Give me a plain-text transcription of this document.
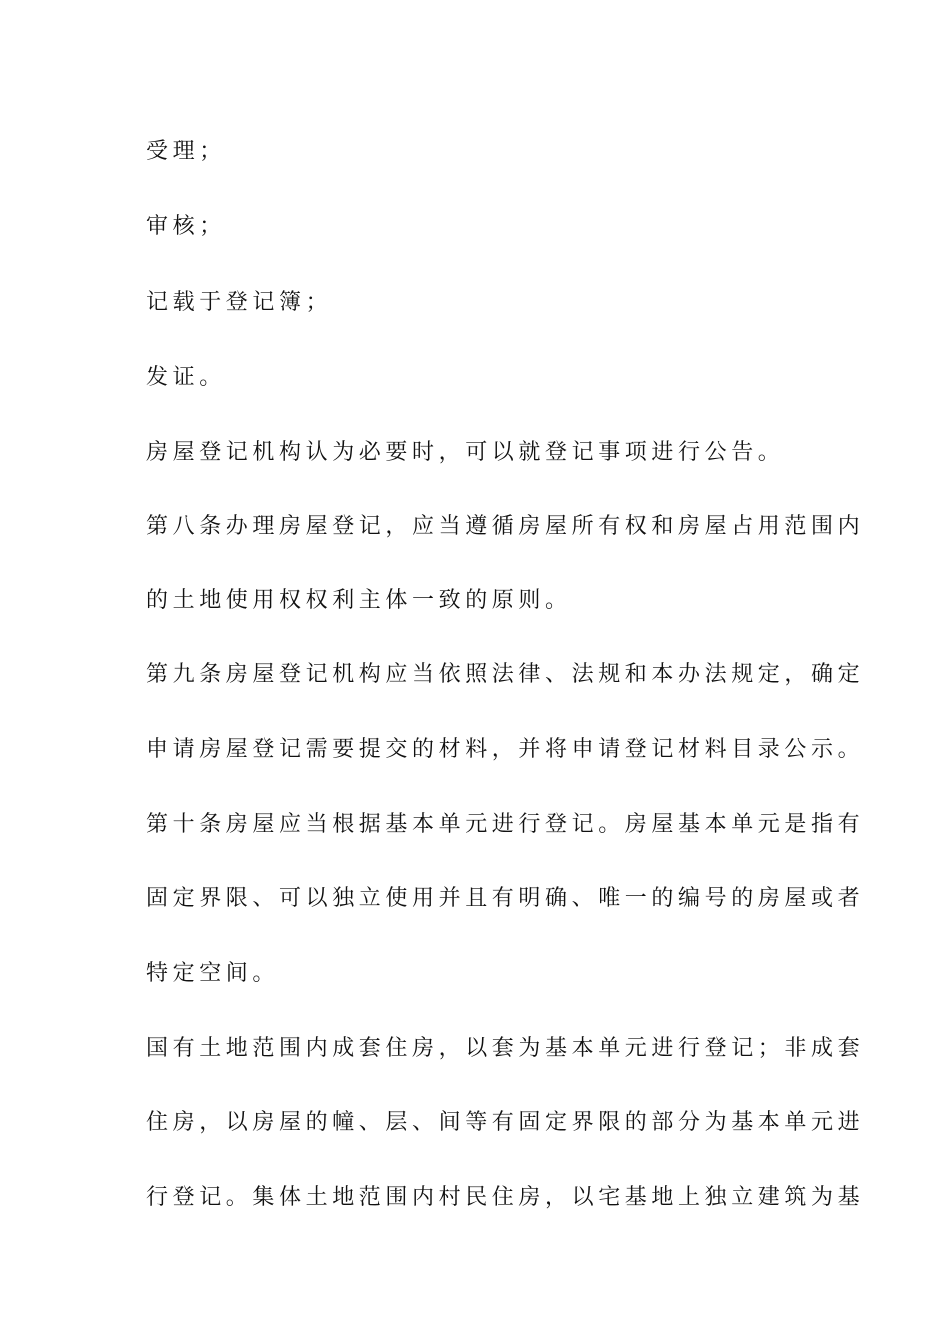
受理；
审核；
记载于登记簿；
发证。
房屋登记机构认为必要时，可以就登记事项进行公告。
第八条办理房屋登记，应当遵循房屋所有权和房屋占用范围内
的土地使用权权利主体一致的原则。
第九条房屋登记机构应当依照法律、法规和本办法规定，确定
申请房屋登记需要提交的材料，并将申请登记材料目录公示。
第十条房屋应当根据基本单元进行登记。房屋基本单元是指有
固定界限、可以独立使用并且有明确、唯一的编号的房屋或者
特定空间。
国有土地范围内成套住房，以套为基本单元进行登记；非成套
住房，以房屋的幢、层、间等有固定界限的部分为基本单元进
行登记。集体土地范围内村民住房，以宅基地上独立建筑为基
